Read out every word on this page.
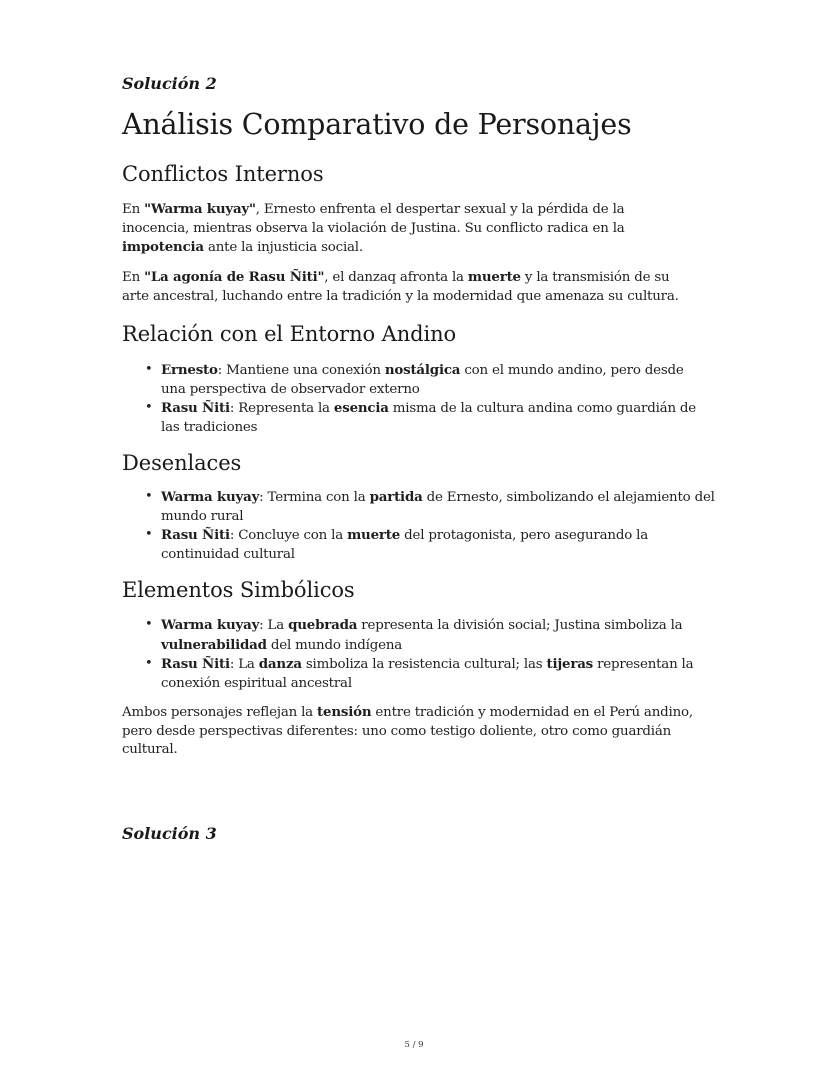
Solución 2
Análisis Comparativo de Personajes
Conflictos Internos

En "Warma kuyay", Ernesto enfrenta el despertar sexual y la pérdida de la inocencia, mientras observa la violación de Justina. Su conflicto radica en la impotencia ante la injusticia social.

En "La agonía de Rasu Ñiti", el danzaq afronta la muerte y la transmisión de su arte ancestral, luchando entre la tradición y la modernidad que amenaza su cultura.

Relación con el Entorno Andino
• Ernesto: Mantiene una conexión nostálgica con el mundo andino, pero desde una perspectiva de observador externo
• Rasu Ñiti: Representa la esencia misma de la cultura andina como guardián de las tradiciones
Desenlaces
• Warma kuyay: Termina con la partida de Ernesto, simbolizando el alejamiento del mundo rural
• Rasu Ñiti: Concluye con la muerte del protagonista, pero asegurando la continuidad cultural
Elementos Simbólicos
• Warma kuyay: La quebrada representa la división social; Justina simboliza la vulnerabilidad del mundo indígena
• Rasu Ñiti: La danza simboliza la resistencia cultural; las tijeras representan la conexión espiritual ancestral

Ambos personajes reflejan la tensión entre tradición y modernidad en el Perú andino, pero desde perspectivas diferentes: uno como testigo doliente, otro como guardián cultural.

Solución 3
5 / 9
